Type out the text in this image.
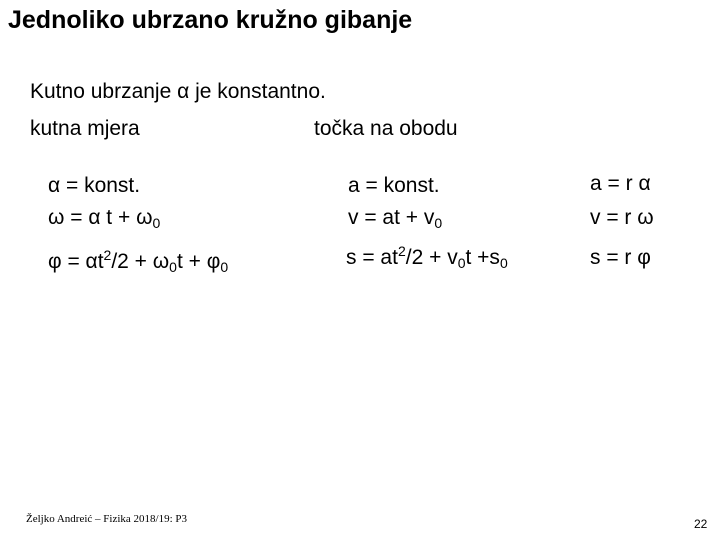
Jednoliko ubrzano kružno gibanje
Kutno ubrzanje α je konstantno.
kutna mjera	točka na obodu
α = konst.
ω = α $t + \omega_0$
$\varphi = \alpha t^2/2 + \omega_0t + \varphi_0$
a = konst.
v = at + $v_0$
$s = at^2/2 + v_0t +s_0$
a = r α
v = r ω
s = r φ
Željko Andreić – Fizika 2018/19: P3	22
